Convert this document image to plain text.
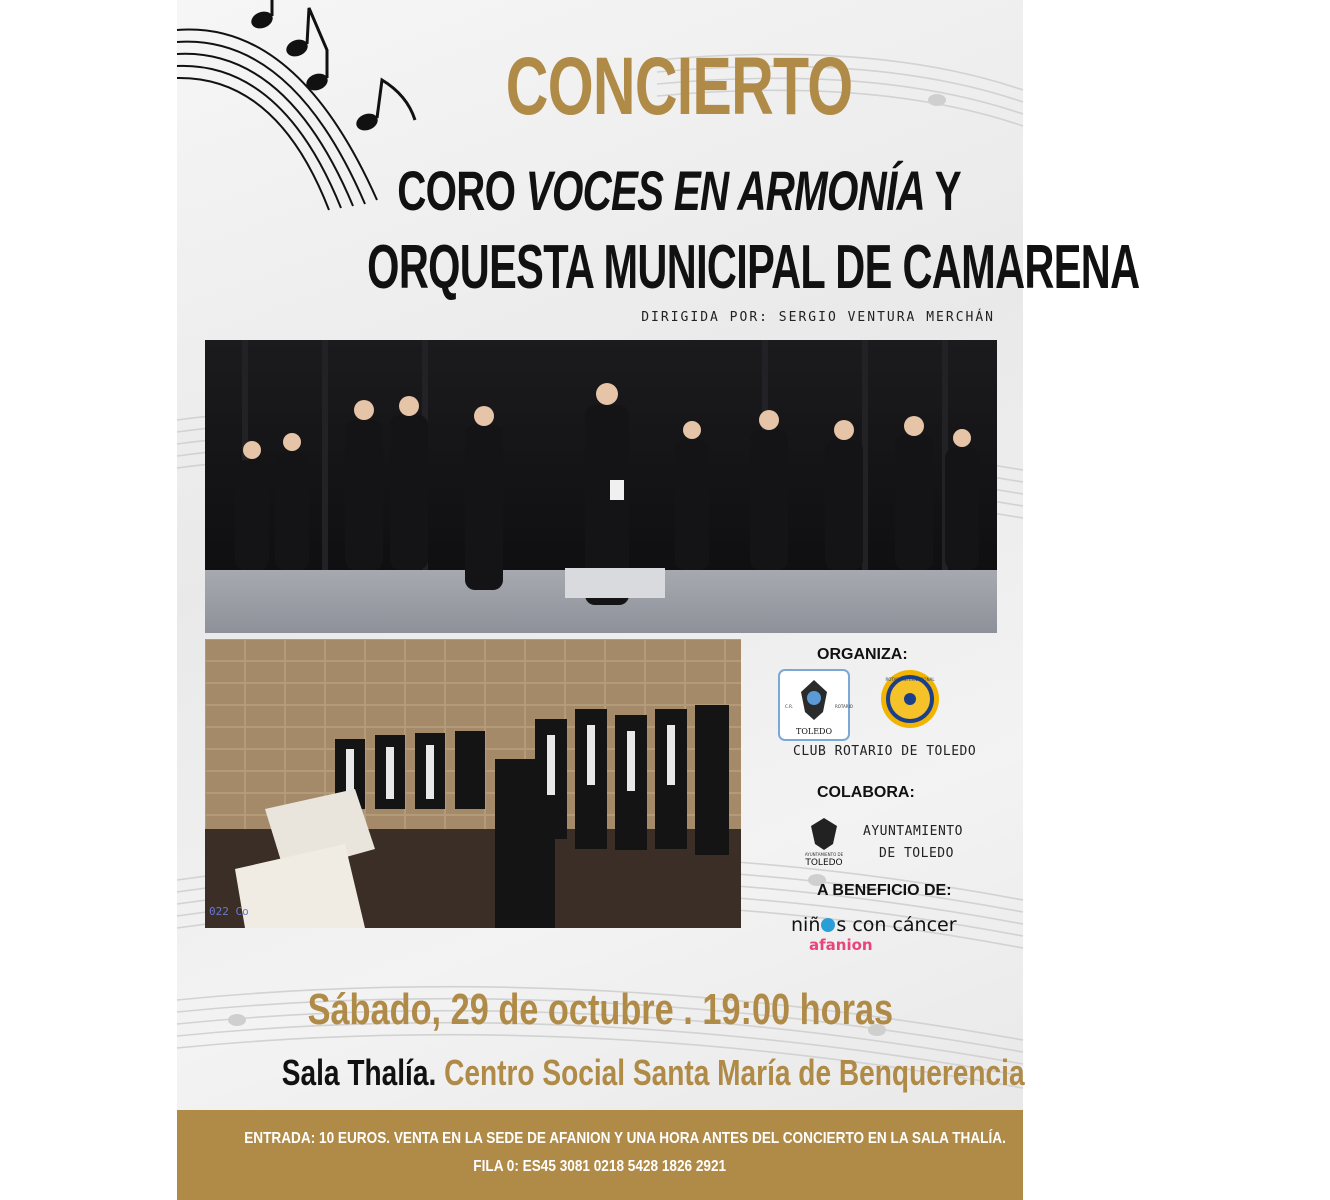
CONCIERTO
CORO VOCES EN ARMONÍA Y
ORQUESTA MUNICIPAL DE CAMARENA
DIRIGIDA POR: SERGIO VENTURA MERCHÁN
022 Co
ORGANIZA:
TOLEDO
C.R.	ROTARIO
ROTARY INTERNATIONAL
CLUB ROTARIO DE TOLEDO
COLABORA:
AYUNTAMIENTO DE
TOLEDO
AYUNTAMIENTO
DE TOLEDO
A BENEFICIO DE:
niñ s con cáncer
afanion
Sábado, 29 de octubre . 19:00 horas
Sala Thalía. Centro Social Santa María de Benquerencia
ENTRADA: 10 EUROS. VENTA EN LA SEDE DE AFANION Y UNA HORA ANTES DEL CONCIERTO EN LA SALA THALÍA.
FILA 0: ES45 3081 0218 5428 1826 2921
